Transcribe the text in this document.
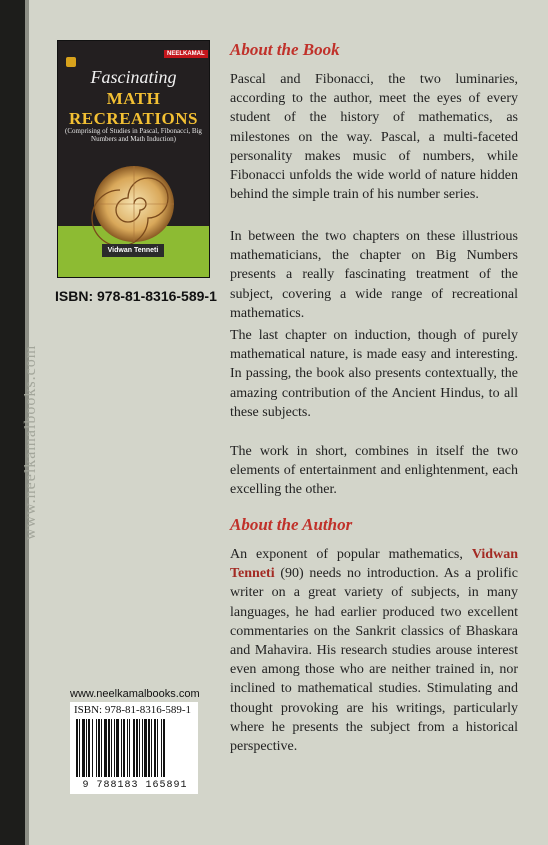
www.neelkamalbooks.com
NEELKAMAL
Fascinating
MATH
RECREATIONS
(Comprising of Studies in Pascal, Fibonacci, Big Numbers and Math Induction)
Vidwan Tenneti
ISBN: 978-81-8316-589-1
About the Book
Pascal and Fibonacci, the two luminaries, according to the author, meet the eyes of every student of the history of mathematics, as milestones on the way. Pascal, a multi-faceted personality makes music of numbers, while Fibonacci unfolds the wide world of nature hidden behind the simple train of his number series.
In between the two chapters on these illustrious mathematicians, the chapter on Big Numbers presents a really fascinating treatment of the subject, covering a wide range of recreational mathematics.
The last chapter on induction, though of purely mathematical nature, is made easy and interesting. In passing, the book also presents contextually, the amazing contribution of the Ancient Hindus, to all these subjects.
The work in short, combines in itself the two elements of entertainment and enlightenment, each excelling the other.
About the Author
An exponent of popular mathematics, Vidwan Tenneti (90) needs no introduction. As a prolific writer on a great variety of subjects, in many languages, he had earlier produced two excellent commentaries on the Sankrit classics of Bhaskara and Mahavira. His research studies arouse interest even among those who are neither trained in, nor inclined to mathematical studies. Stimulating and thought provoking are his writings, particularly where he presents the subject from a historical perspective.
www.neelkamalbooks.com
ISBN: 978-81-8316-589-1
9 788183 165891
